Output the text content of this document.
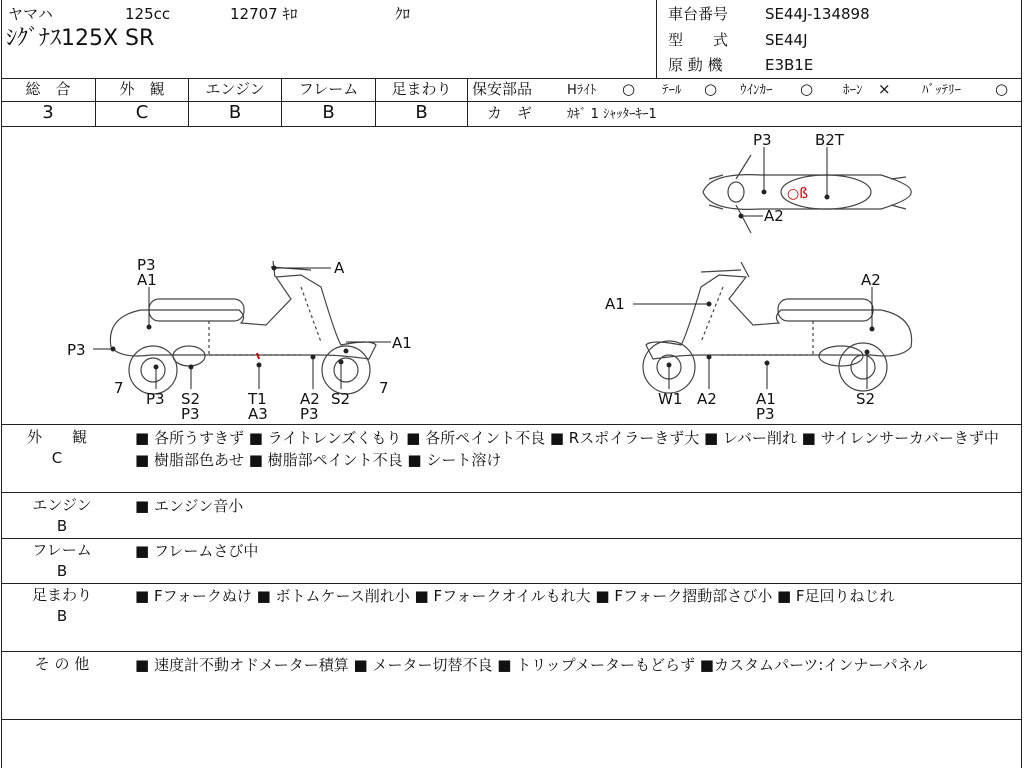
ヤマハ	125cc	12707 ｷﾛ	ｸﾛ
ｼｸﾞﾅｽ125X SR
車台番号 SE44J-134898
型　　式 SE44J
原 動 機	E3B1E
総　合
3
外　観
C
エンジン
B
フレーム
B
足まわり
B
保安部品	Hﾗｲﾄ ○ ﾃｰﾙ ○ ｳｲﾝｶｰ ○ ﾎｰﾝ × ﾊﾞｯﾃﾘｰ ○
カ　ギ	ｶｷﾞ 1 ｼｬｯﾀｰｷｰ1
P3
A1
A
A1
P3
7	7
P3 S2
P3
T1
A3
A2
P3
S2
A1
A2
W1 A2	A1
P3
S2
P3	B2T
A2
○ß
外　　観
C
■ 各所うすきず ■ ライトレンズくもり ■ 各所ペイント不良 ■ Rスポイラーきず大 ■ レバー削れ ■ サイレンサーカバーきず中 ■ 樹脂部色あせ ■ 樹脂部ペイント不良 ■ シート溶け
エンジン
B
■ エンジン音小
フレーム
B
■ フレームさび中
足まわり
B
■ Fフォークぬけ ■ ボトムケース削れ小 ■ Fフォークオイルもれ大 ■ Fフォーク摺動部さび小 ■ F足回りねじれ
そ の 他	■ 速度計不動オドメーター積算 ■ メーター切替不良 ■ トリップメーターもどらず ■カスタムパーツ:インナーパネル
